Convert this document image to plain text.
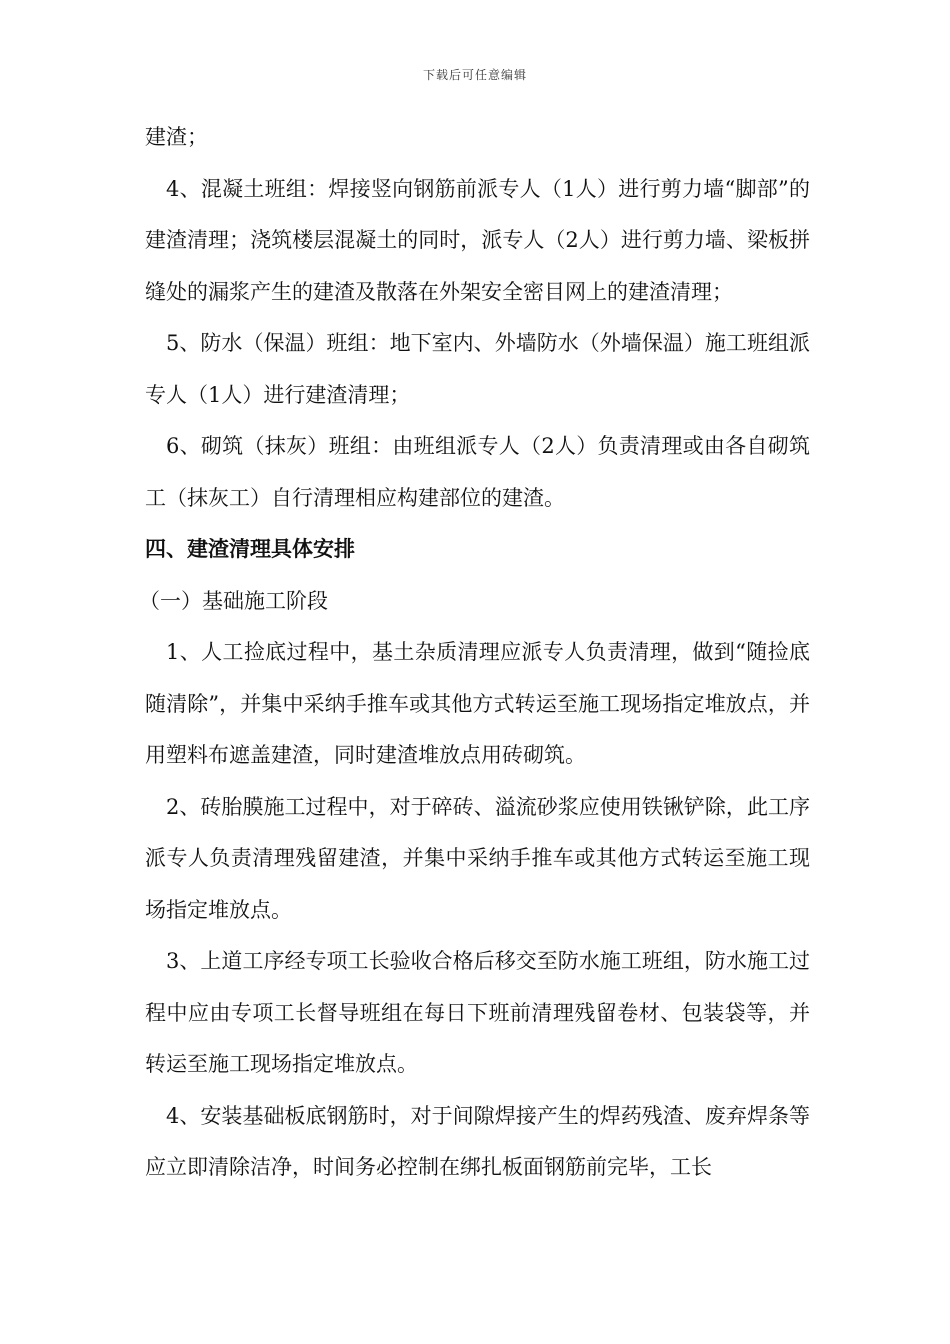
下载后可任意编辑

建渣；

4、混凝土班组：焊接竖向钢筋前派专人（1人）进行剪力墙“脚部”的建渣清理；浇筑楼层混凝土的同时，派专人（2人）进行剪力墙、梁板拼缝处的漏浆产生的建渣及散落在外架安全密目网上的建渣清理；

5、防水（保温）班组：地下室内、外墙防水（外墙保温）施工班组派专人（1人）进行建渣清理；

6、砌筑（抹灰）班组：由班组派专人（2人）负责清理或由各自砌筑工（抹灰工）自行清理相应构建部位的建渣。

四、建渣清理具体安排

（一）基础施工阶段

1、人工捡底过程中，基土杂质清理应派专人负责清理，做到“随捡底随清除”，并集中采纳手推车或其他方式转运至施工现场指定堆放点，并用塑料布遮盖建渣，同时建渣堆放点用砖砌筑。

2、砖胎膜施工过程中，对于碎砖、溢流砂浆应使用铁锹铲除，此工序派专人负责清理残留建渣，并集中采纳手推车或其他方式转运至施工现场指定堆放点。

3、上道工序经专项工长验收合格后移交至防水施工班组，防水施工过程中应由专项工长督导班组在每日下班前清理残留卷材、包装袋等，并转运至施工现场指定堆放点。

4、安装基础板底钢筋时，对于间隙焊接产生的焊药残渣、废弃焊条等应立即清除洁净，时间务必控制在绑扎板面钢筋前完毕，工长
